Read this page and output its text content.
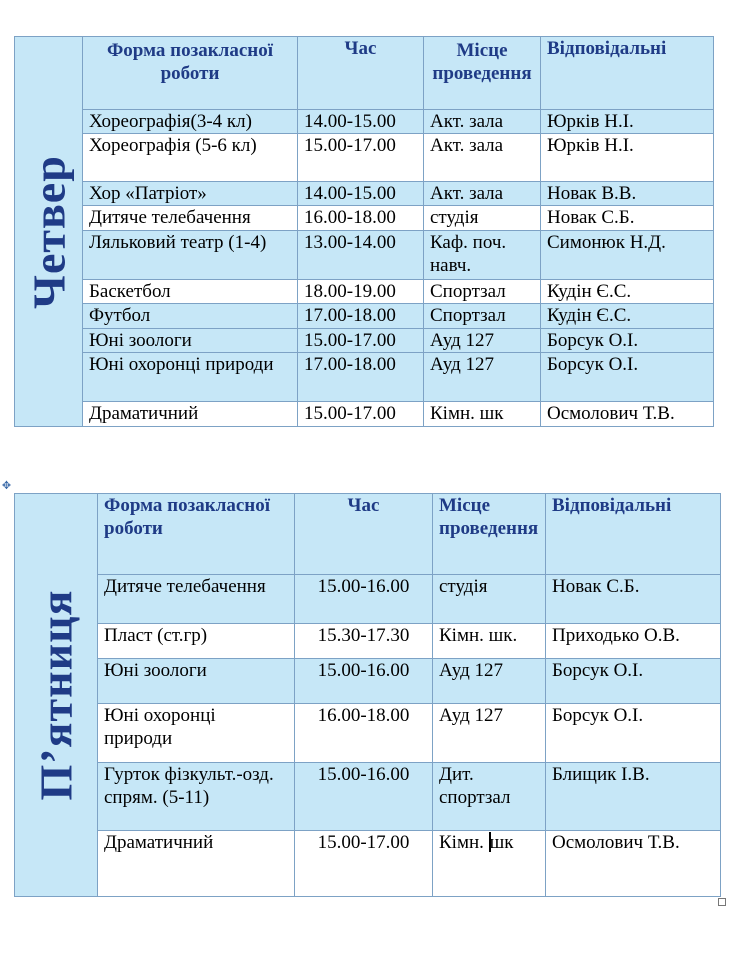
Четвер	Форма позакласної роботи	Час	Місце проведення	Відповідальні
	Хореографія(3-4 кл)	14.00-15.00	Акт. зала	Юрків Н.І.
	Хореографія (5-6 кл)	15.00-17.00	Акт. зала	Юрків Н.І.
	Хор «Патріот»	14.00-15.00	Акт. зала	Новак В.В.
	Дитяче телебачення	16.00-18.00	студія	Новак С.Б.
	Ляльковий театр (1-4)	13.00-14.00	Каф. поч. навч.	Симонюк Н.Д.
	Баскетбол	18.00-19.00	Спортзал	Кудін Є.С.
	Футбол	17.00-18.00	Спортзал	Кудін Є.С.
	Юні зоологи	15.00-17.00	Ауд 127	Борсук О.І.
	Юні охоронці природи	17.00-18.00	Ауд 127	Борсук О.І.
	Драматичний	15.00-17.00	Кімн. шк	Осмолович Т.В.
✥
П’ятниця	Форма позакласної роботи	Час	Місце проведення	Відповідальні
	Дитяче телебачення	15.00-16.00	студія	Новак С.Б.
	Пласт (ст.гр)	15.30-17.30	Кімн. шк.	Приходько О.В.
	Юні зоологи	15.00-16.00	Ауд 127	Борсук О.І.
	Юні охоронці природи	16.00-18.00	Ауд 127	Борсук О.І.
	Гурток фізкульт.-озд. спрям. (5-11)	15.00-16.00	Дит. спортзал	Блищик І.В.
	Драматичний	15.00-17.00	Кімн. шк	Осмолович Т.В.
